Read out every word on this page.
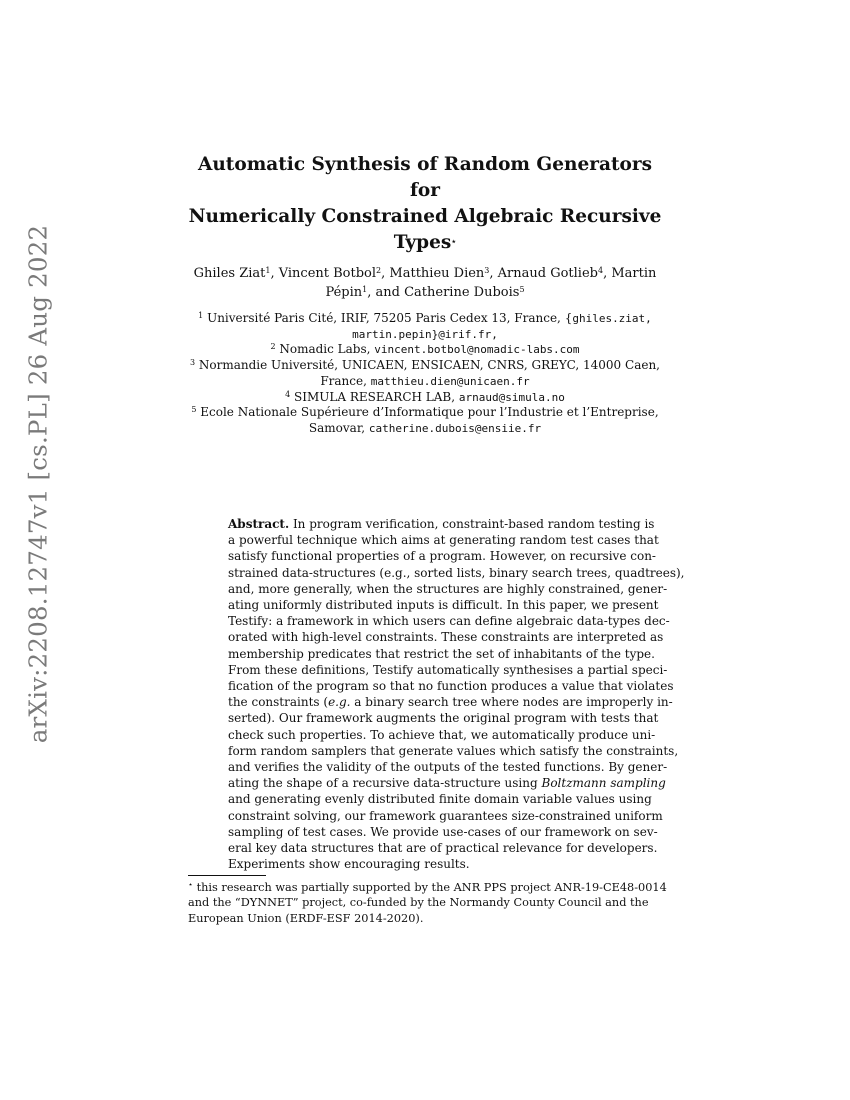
arXiv:2208.12747v1 [cs.PL] 26 Aug 2022
Automatic Synthesis of Random Generators for
Numerically Constrained Algebraic Recursive
Types⋆
Ghiles Ziat$^1$, Vincent Botbol$^2$, Matthieu Dien$^3$, Arnaud Gotlieb$^4$, Martin
Pépin$^1$, and Catherine Dubois$^5$
$^1$ Université Paris Cité, IRIF, 75205 Paris Cedex 13, France, {ghiles.ziat,
martin.pepin}@irif.fr,
$^2$ Nomadic Labs, vincent.botbol@nomadic-labs.com
$^3$ Normandie Université, UNICAEN, ENSICAEN, CNRS, GREYC, 14000 Caen,
France, matthieu.dien@unicaen.fr
$^4$ SIMULA RESEARCH LAB, arnaud@simula.no
$^5$ Ecole Nationale Supérieure d’Informatique pour l’Industrie et l’Entreprise,
Samovar, catherine.dubois@ensiie.fr
Abstract. In program verification, constraint-based random testing is
a powerful technique which aims at generating random test cases that
satisfy functional properties of a program. However, on recursive con-
strained data-structures (e.g., sorted lists, binary search trees, quadtrees),
and, more generally, when the structures are highly constrained, gener-
ating uniformly distributed inputs is difficult. In this paper, we present
Testify: a framework in which users can define algebraic data-types dec-
orated with high-level constraints. These constraints are interpreted as
membership predicates that restrict the set of inhabitants of the type.
From these definitions, Testify automatically synthesises a partial speci-
fication of the program so that no function produces a value that violates
the constraints (e.g. a binary search tree where nodes are improperly in-
serted). Our framework augments the original program with tests that
check such properties. To achieve that, we automatically produce uni-
form random samplers that generate values which satisfy the constraints,
and verifies the validity of the outputs of the tested functions. By gener-
ating the shape of a recursive data-structure using Boltzmann sampling
and generating evenly distributed finite domain variable values using
constraint solving, our framework guarantees size-constrained uniform
sampling of test cases. We provide use-cases of our framework on sev-
eral key data structures that are of practical relevance for developers.
Experiments show encouraging results.
⋆ this research was partially supported by the ANR PPS project ANR-19-CE48-0014
and the “DYNNET” project, co-funded by the Normandy County Council and the
European Union (ERDF-ESF 2014-2020).
